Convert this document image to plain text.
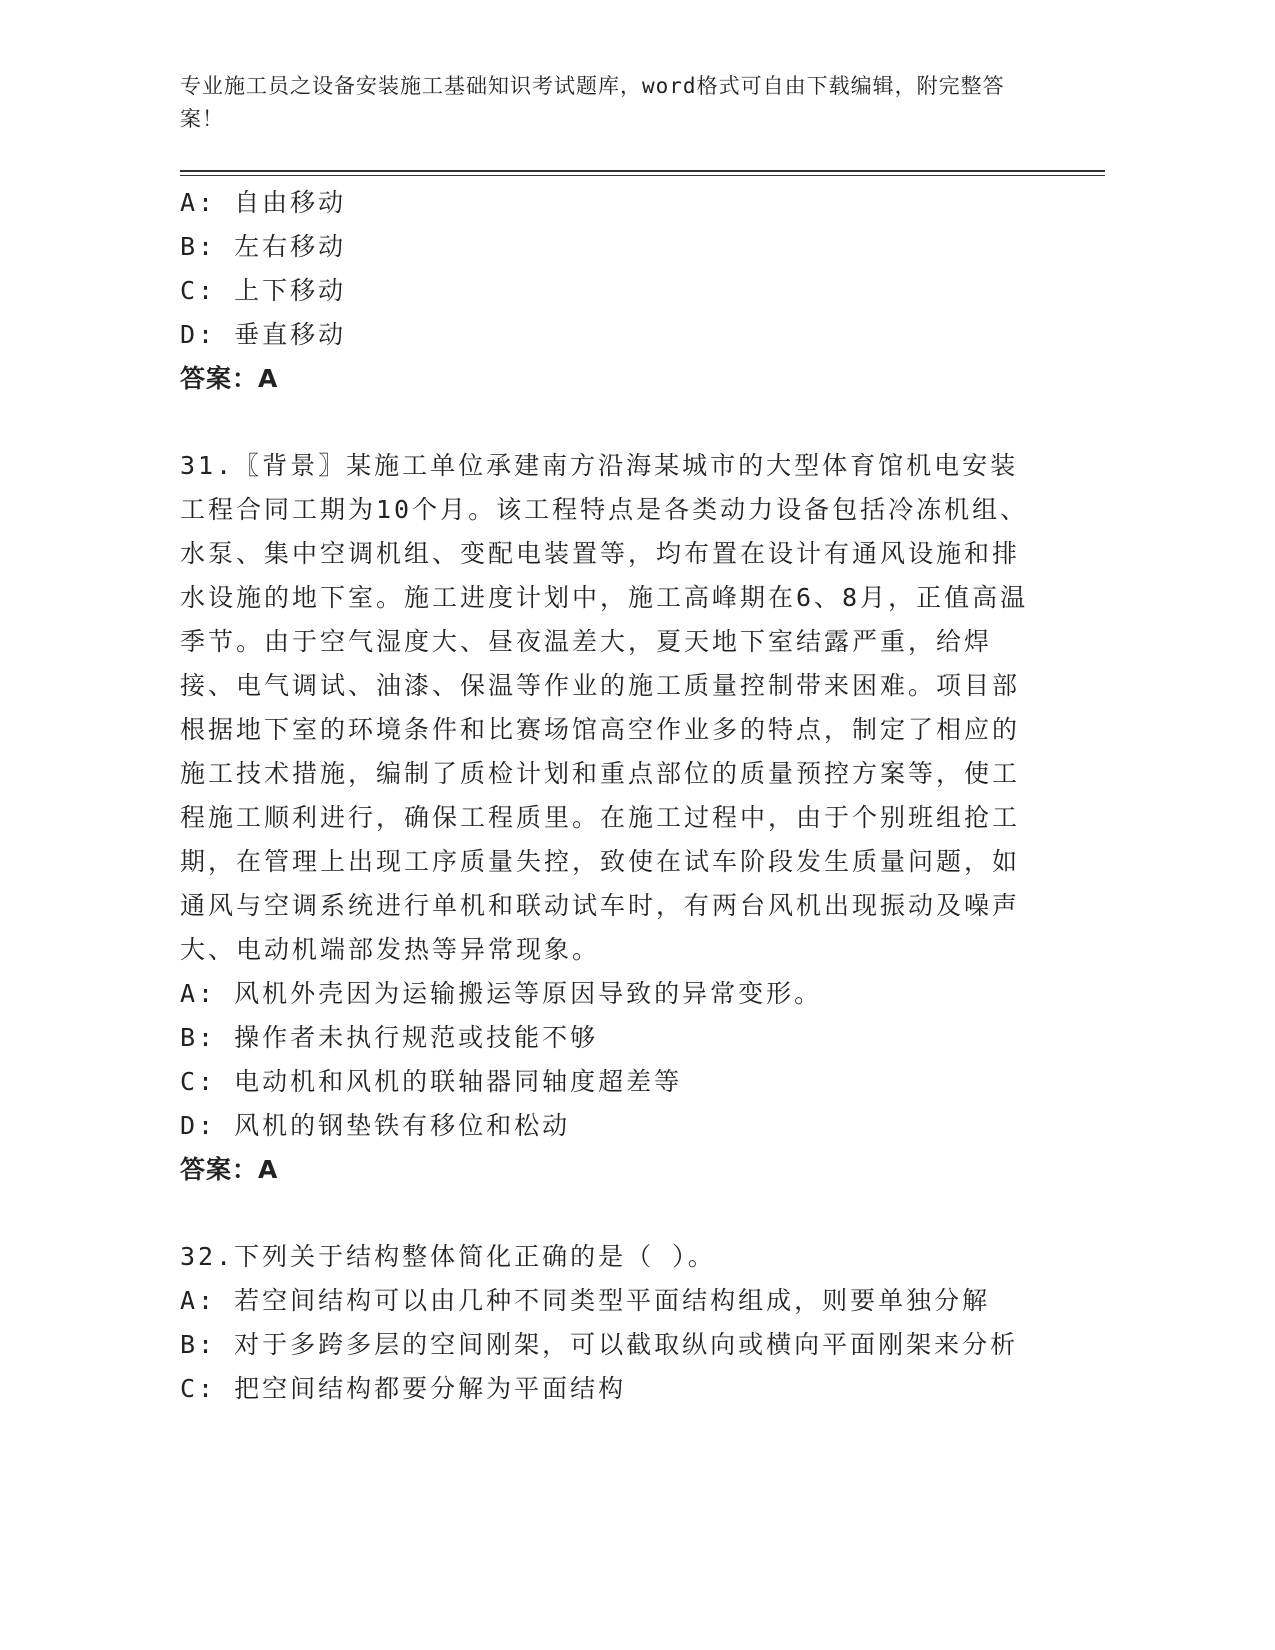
专业施工员之设备安装施工基础知识考试题库，word格式可自由下载编辑，附完整答案！

A: 自由移动

B: 左右移动

C: 上下移动

D: 垂直移动

答案：A

31.〖背景〗某施工单位承建南方沿海某城市的大型体育馆机电安装工程合同工期为10个月。该工程特点是各类动力设备包括冷冻机组、水泵、集中空调机组、变配电装置等，均布置在设计有通风设施和排水设施的地下室。施工进度计划中，施工高峰期在6、8月，正值高温季节。由于空气湿度大、昼夜温差大，夏天地下室结露严重，给焊接、电气调试、油漆、保温等作业的施工质量控制带来困难。项目部根据地下室的环境条件和比赛场馆高空作业多的特点，制定了相应的施工技术措施，编制了质检计划和重点部位的质量预控方案等，使工程施工顺利进行，确保工程质里。在施工过程中，由于个别班组抢工期，在管理上出现工序质量失控，致使在试车阶段发生质量问题，如通风与空调系统进行单机和联动试车时，有两台风机出现振动及噪声大、电动机端部发热等异常现象。

A: 风机外壳因为运输搬运等原因导致的异常变形。

B: 操作者未执行规范或技能不够

C: 电动机和风机的联轴器同轴度超差等

D: 风机的钢垫铁有移位和松动

答案：A

32.下列关于结构整体简化正确的是（ ）。

A: 若空间结构可以由几种不同类型平面结构组成，则要单独分解

B: 对于多跨多层的空间刚架，可以截取纵向或横向平面刚架来分析

C: 把空间结构都要分解为平面结构
